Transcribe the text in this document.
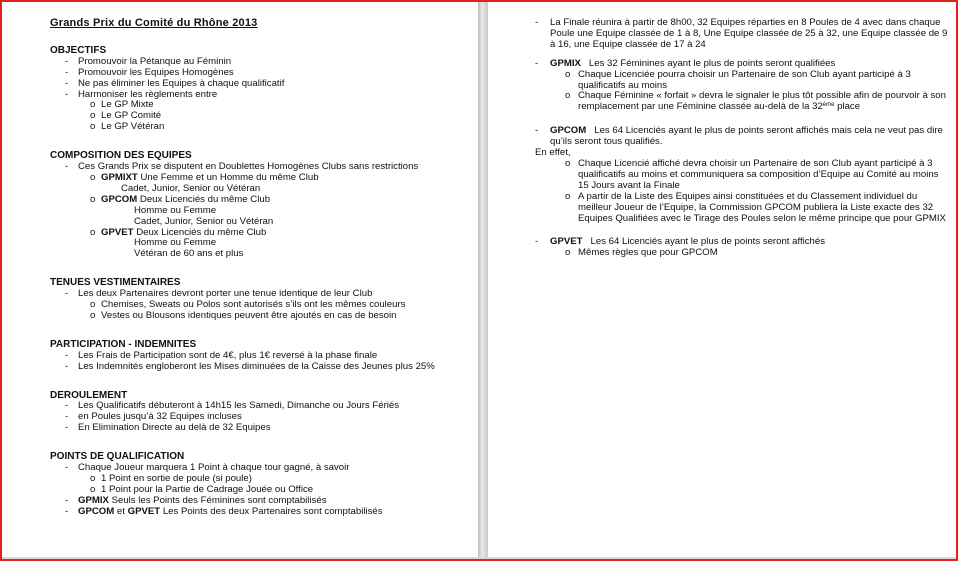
Grands Prix du Comité du Rhône 2013
OBJECTIFS
-	Promouvoir la Pétanque au Féminin
-	Promouvoir les Equipes Homogènes
-	Ne pas éliminer les Equipes à chaque qualificatif
-	Harmoniser les règlements entre
o Le GP Mixte
o Le GP Comité
o Le GP Vétéran
COMPOSITION DES EQUIPES
-	Ces Grands Prix se disputent en Doublettes Homogènes Clubs sans restrictions
o GPMIXT
Une Femme et un Homme du même Club
Cadet, Junior, Senior ou Vétéran
o GPCOM
Deux Licenciés du même Club
Homme ou Femme
Cadet, Junior, Senior ou Vétéran
o GPVET
Deux Licenciés du même Club
Homme ou Femme
Vétéran de 60 ans et plus
TENUES VESTIMENTAIRES
-	Les deux Partenaires devront porter une tenue identique de leur Club
o Chemises, Sweats ou Polos sont autorisés s’ils ont les mêmes couleurs
o Vestes ou Blousons identiques peuvent être ajoutés en cas de besoin
PARTICIPATION - INDEMNITES
-	Les Frais de Participation sont de 4€, plus 1€ reversé à la phase finale
-	Les Indemnités engloberont les Mises diminuées de la Caisse des Jeunes plus 25%
DEROULEMENT
-	Les Qualificatifs débuteront à 14h15 les Samedi, Dimanche ou Jours Fériés
-	en Poules jusqu’à 32 Equipes incluses
-	En Elimination Directe au delà de 32 Equipes
POINTS DE QUALIFICATION
-	Chaque Joueur marquera 1 Point à chaque tour gagné, à savoir
o 1 Point en sortie de poule (si poule)
o 1 Point pour la Partie de Cadrage Jouée ou Office
-	GPMIX
Seuls les Points des Féminines sont comptabilisés
-	GPCOM
et
GPVET
Les Points des deux Partenaires sont comptabilisés
-	La Finale réunira à partir de 8h00, 32 Equipes réparties en 8 Poules de 4 avec dans chaque Poule une Equipe classée de 1 à 8, Une Equipe classée de 25 à 32, une Equipe classée de 9 à 16, une Equipe classée de 17 à 24
-	GPMIX Les 32 Féminines ayant le plus de points seront qualifiées
o Chaque Licenciée pourra choisir un Partenaire de son Club ayant participé à 3 qualificatifs au moins
o Chaque Féminine « forfait » devra le signaler le plus tôt possible afin de pourvoir à son remplacement par une Féminine classée au-delà de la 32ème place
-	GPCOM Les 64 Licenciés ayant le plus de points seront affichés mais cela ne veut pas dire qu’ils seront tous qualifiés.
En effet,
o Chaque Licencié affiché devra choisir un Partenaire de son Club ayant participé à 3 qualificatifs au moins et communiquera sa composition d’Equipe au Comité au moins 15 Jours avant la Finale
o A partir de la Liste des Equipes ainsi constituées et du Classement individuel du meilleur Joueur de l’Equipe, la Commission GPCOM publiera la Liste exacte des 32 Equipes Qualifiées avec le Tirage des Poules selon le même principe que pour GPMIX
-	GPVET Les 64 Licenciés ayant le plus de points seront affichés
o Mêmes règles que pour GPCOM
